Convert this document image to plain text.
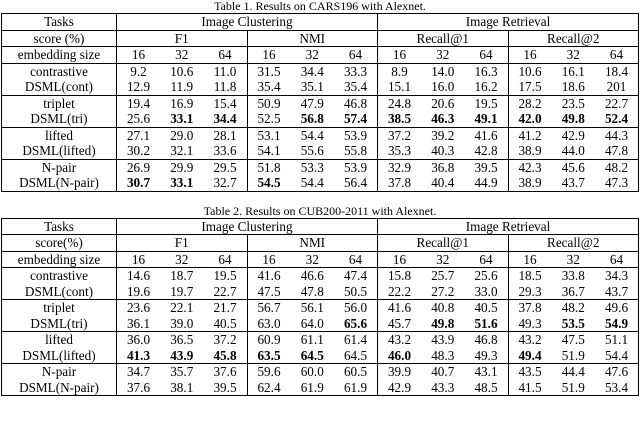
Table 1. Results on CARS196 with Alexnet.
Tasks	Image Clustering						Image Retrieval					
score (%)	F1			NMI			Recall@1			Recall@2		
embedding size	16	32	64	16	32	64	16	32	64	16	32	64
contrastive	9.2	10.6	11.0	31.5	34.4	33.3	8.9	14.0	16.3	10.6	16.1	18.4
DSML(cont)	12.9	11.9	11.8	35.4	35.1	35.4	15.1	16.0	16.2	17.5	18.6	201
triplet	19.4	16.9	15.4	50.9	47.9	46.8	24.8	20.6	19.5	28.2	23.5	22.7
DSML(tri)	25.6	33.1	34.4	52.5	56.8	57.4	38.5	46.3	49.1	42.0	49.8	52.4
lifted	27.1	29.0	28.1	53.1	54.4	53.9	37.2	39.2	41.6	41.2	42.9	44.3
DSML(lifted)	30.2	32.1	33.6	54.1	55.6	55.8	35.3	40.3	42.8	38.9	44.0	47.8
N-pair	26.9	29.9	29.5	51.8	53.3	53.9	32.9	36.8	39.5	42.3	45.6	48.2
DSML(N-pair)	30.7	33.1	32.7	54.5	54.4	56.4	37.8	40.4	44.9	38.9	43.7	47.3
Table 2. Results on CUB200-2011 with Alexnet.
Tasks	Image Clustering						Image Retrieval					
score(%)	F1			NMI			Recall@1			Recall@2		
embedding size	16	32	64	16	32	64	16	32	64	16	32	64
contrastive	14.6	18.7	19.5	41.6	46.6	47.4	15.8	25.7	25.6	18.5	33.8	34.3
DSML(cont)	19.6	19.7	22.7	47.5	47.8	50.5	22.2	27.2	33.0	29.3	36.7	43.7
triplet	23.6	22.1	21.7	56.7	56.1	56.0	41.6	40.8	40.5	37.8	48.2	49.6
DSML(tri)	36.1	39.0	40.5	63.0	64.0	65.6	45.7	49.8	51.6	49.3	53.5	54.9
lifted	36.0	36.5	37.2	60.9	61.1	61.4	43.2	43.9	46.8	43.2	47.5	51.1
DSML(lifted)	41.3	43.9	45.8	63.5	64.5	64.5	46.0	48.3	49.3	49.4	51.9	54.4
N-pair	34.7	35.7	37.6	59.6	60.0	60.5	39.9	40.7	43.1	43.5	44.4	47.6
DSML(N-pair)	37.6	38.1	39.5	62.4	61.9	61.9	42.9	43.3	48.5	41.5	51.9	53.4
